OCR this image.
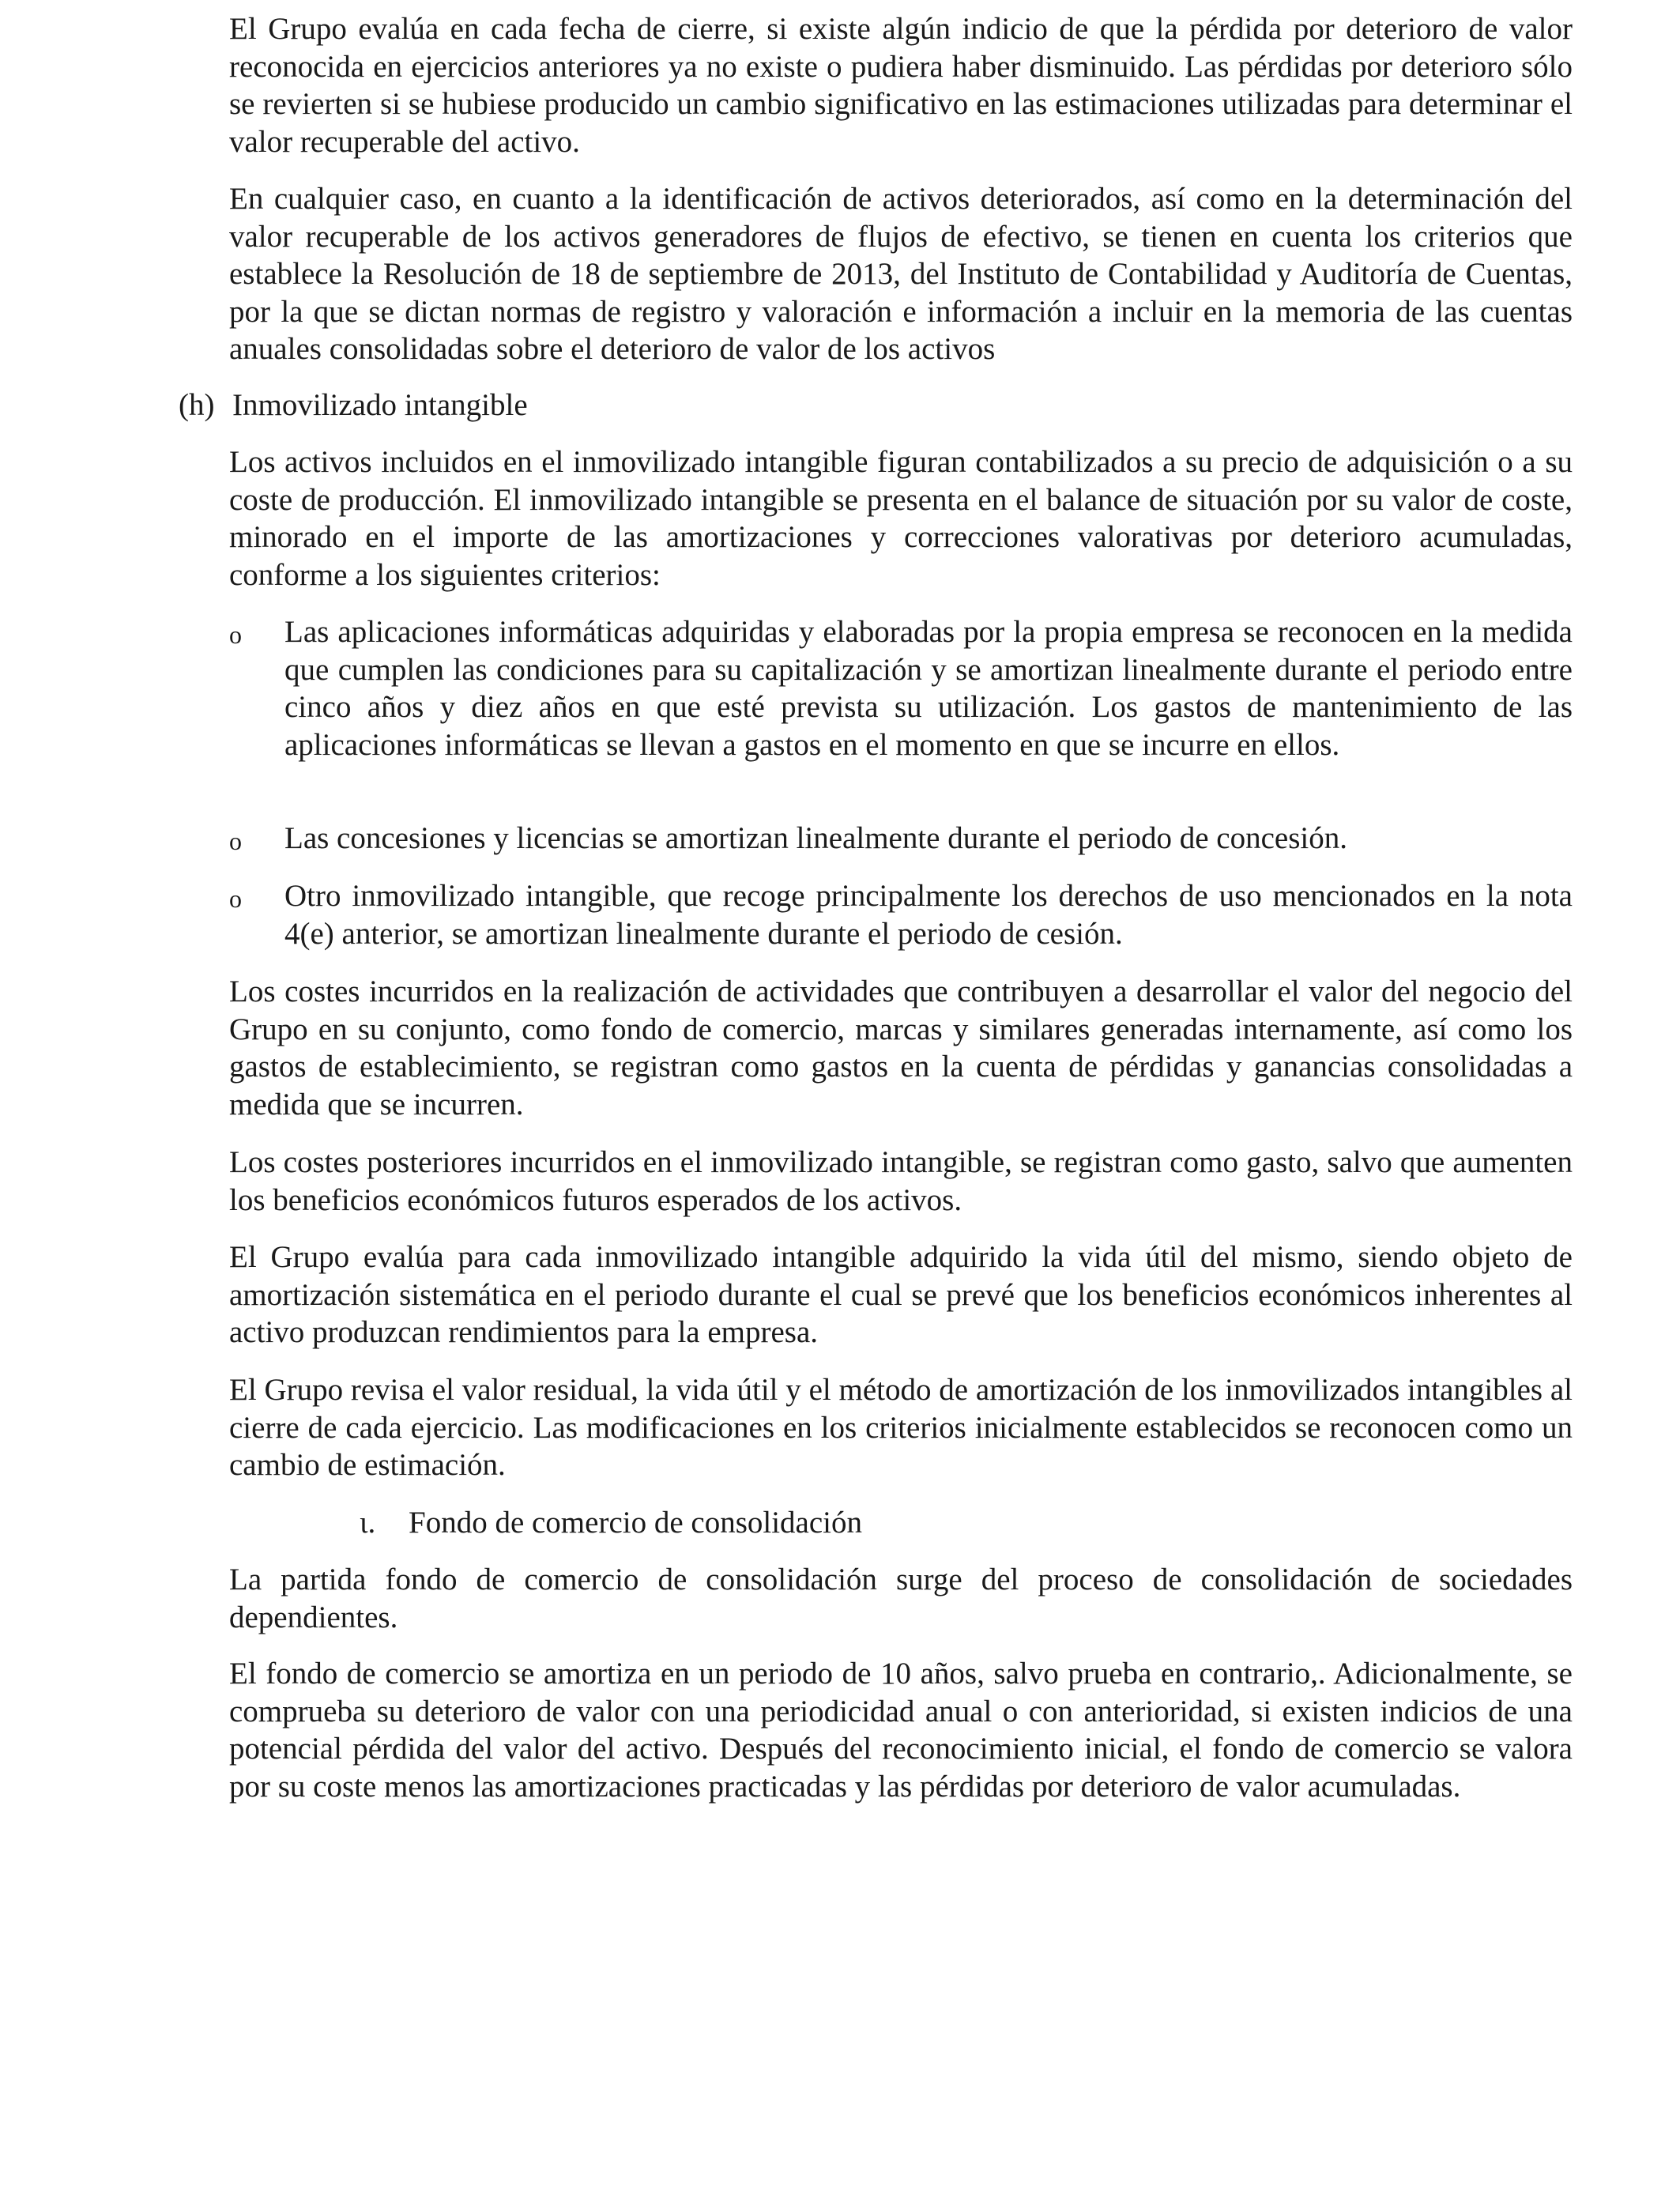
El Grupo evalúa en cada fecha de cierre, si existe algún indicio de que la pérdida por deterioro de valor reconocida en ejercicios anteriores ya no existe o pudiera haber disminuido. Las pérdidas por deterioro sólo se revierten si se hubiese producido un cambio significativo en las estimaciones utilizadas para determinar el valor recuperable del activo.

En cualquier caso, en cuanto a la identificación de activos deteriorados, así como en la determinación del valor recuperable de los activos generadores de flujos de efectivo, se tienen en cuenta los criterios que establece la Resolución de 18 de septiembre de 2013, del Instituto de Contabilidad y Auditoría de Cuentas, por la que se dictan normas de registro y valoración e información a incluir en la memoria de las cuentas anuales consolidadas sobre el deterioro de valor de los activos

(h) Inmovilizado intangible

Los activos incluidos en el inmovilizado intangible figuran contabilizados a su precio de adquisición o a su coste de producción. El inmovilizado intangible se presenta en el balance de situación por su valor de coste, minorado en el importe de las amortizaciones y correcciones valorativas por deterioro acumuladas, conforme a los siguientes criterios:

o Las aplicaciones informáticas adquiridas y elaboradas por la propia empresa se reconocen en la medida que cumplen las condiciones para su capitalización y se amortizan linealmente durante el periodo entre cinco años y diez años en que esté prevista su utilización. Los gastos de mantenimiento de las aplicaciones informáticas se llevan a gastos en el momento en que se incurre en ellos.

o Las concesiones y licencias se amortizan linealmente durante el periodo de concesión.

o Otro inmovilizado intangible, que recoge principalmente los derechos de uso mencionados en la nota 4(e) anterior, se amortizan linealmente durante el periodo de cesión.

Los costes incurridos en la realización de actividades que contribuyen a desarrollar el valor del negocio del Grupo en su conjunto, como fondo de comercio, marcas y similares generadas internamente, así como los gastos de establecimiento, se registran como gastos en la cuenta de pérdidas y ganancias consolidadas a medida que se incurren.

Los costes posteriores incurridos en el inmovilizado intangible, se registran como gasto, salvo que aumenten los beneficios económicos futuros esperados de los activos.

El Grupo evalúa para cada inmovilizado intangible adquirido la vida útil del mismo, siendo objeto de amortización sistemática en el periodo durante el cual se prevé que los beneficios económicos inherentes al activo produzcan rendimientos para la empresa.

El Grupo revisa el valor residual, la vida útil y el método de amortización de los inmovilizados intangibles al cierre de cada ejercicio. Las modificaciones en los criterios inicialmente establecidos se reconocen como un cambio de estimación.

ι. Fondo de comercio de consolidación

La partida fondo de comercio de consolidación surge del proceso de consolidación de sociedades dependientes.

El fondo de comercio se amortiza en un periodo de 10 años, salvo prueba en contrario,. Adicionalmente, se comprueba su deterioro de valor con una periodicidad anual o con anterioridad, si existen indicios de una potencial pérdida del valor del activo. Después del reconocimiento inicial, el fondo de comercio se valora por su coste menos las amortizaciones practicadas y las pérdidas por deterioro de valor acumuladas.
